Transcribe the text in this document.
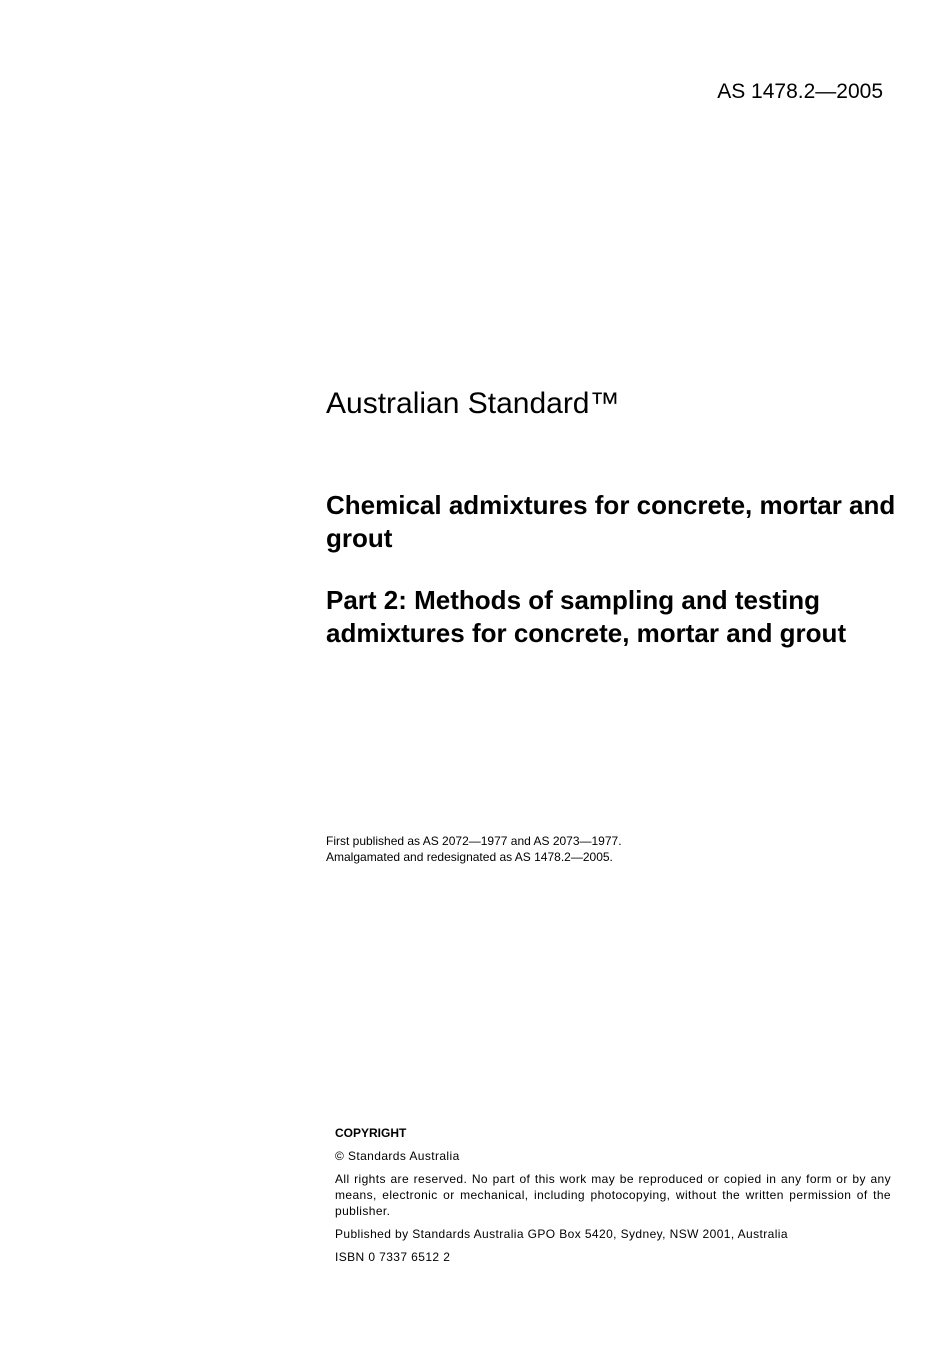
AS 1478.2—2005
Australian Standard™

Chemical admixtures for concrete, mortar and grout

Part 2: Methods of sampling and testing admixtures for concrete, mortar and grout

First published as AS 2072—1977 and AS 2073—1977.

Amalgamated and redesignated as AS 1478.2—2005.

COPYRIGHT

© Standards Australia

All rights are reserved. No part of this work may be reproduced or copied in any form or by any means, electronic or mechanical, including photocopying, without the written permission of the publisher.

Published by Standards Australia GPO Box 5420, Sydney, NSW 2001, Australia

ISBN 0 7337 6512 2
